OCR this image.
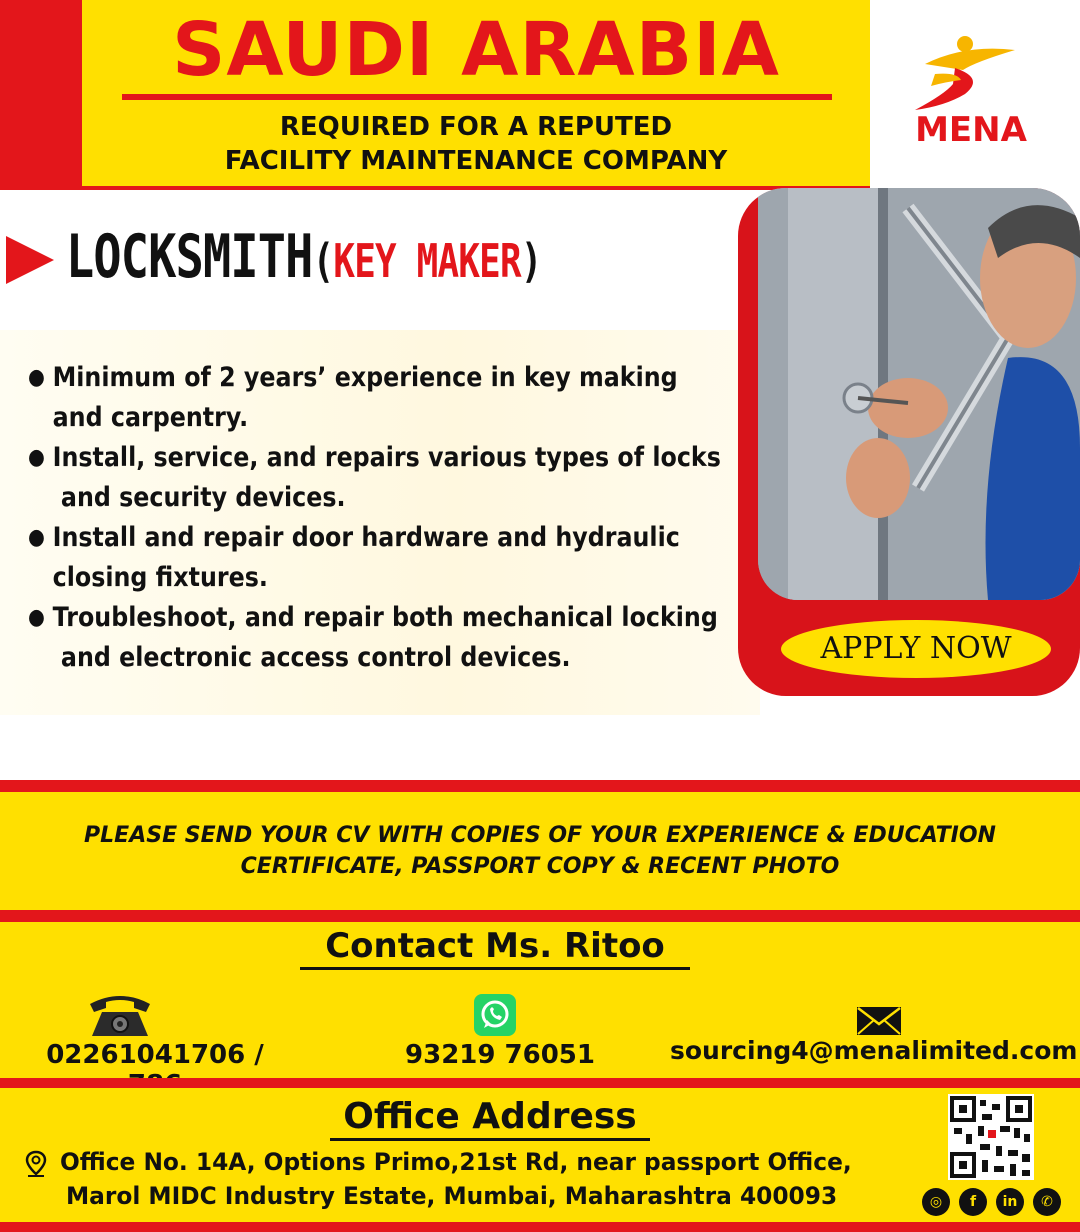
SAUDI ARABIA
REQUIRED FOR A REPUTED
FACILITY MAINTENANCE COMPANY
MENA
LOCKSMITH(KEY MAKER)
● Minimum of 2 years’ experience in key making
and carpentry.
● Install, service, and repairs various types of locks
and security devices.
● Install and repair door hardware and hydraulic
closing fixtures.
● Troubleshoot, and repair both mechanical locking
and electronic access control devices.	APPLY NOW
PLEASE SEND YOUR CV WITH COPIES OF YOUR EXPERIENCE & EDUCATION
CERTIFICATE, PASSPORT COPY & RECENT PHOTO
Contact Ms. Ritoo
02261041706 /	93219 76051	sourcing4@menalimited.com
Office Address
Office No. 14A, Options Primo,21st Rd, near passport Office,
Marol MIDC Industry Estate, Mumbai, Maharashtra 400093	◎	f	in	✆
